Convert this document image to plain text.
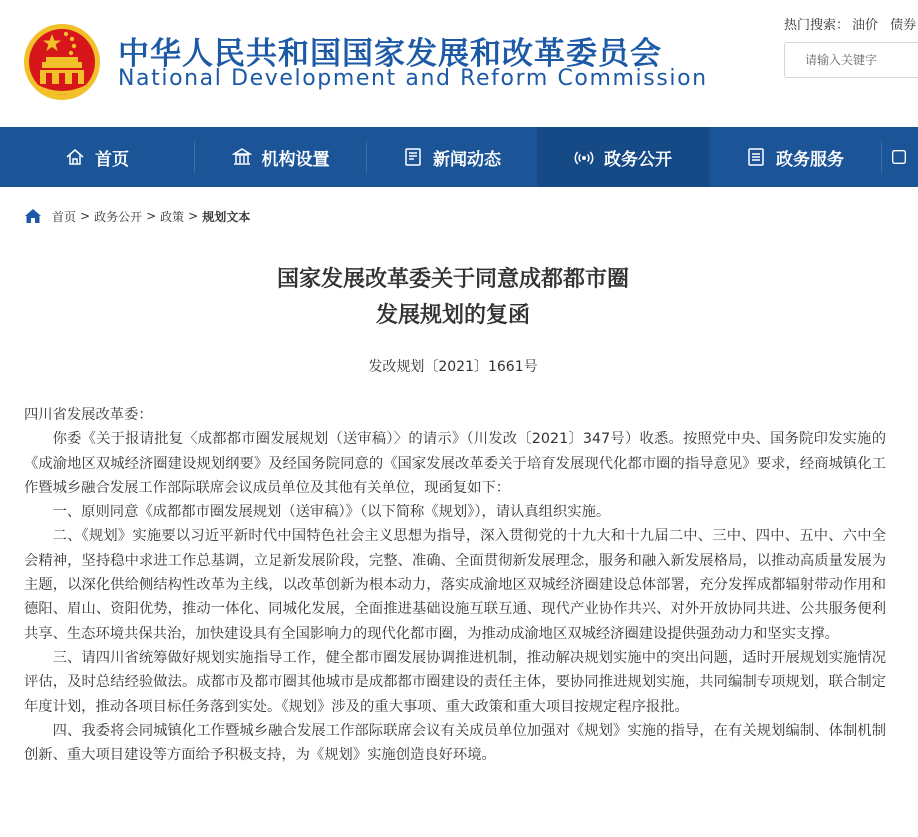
中华人民共和国国家发展和改革委员会
National Development and Reform Commission
热门搜索： 油价 债券
请输入关键字
首页	机构设置	新闻动态	政务公开	政务服务
首页 > 政务公开 > 政策 > 规划文本
国家发展改革委关于同意成都都市圈
发展规划的复函
发改规划〔2021〕1661号

四川省发展改革委：

你委《关于报请批复〈成都都市圈发展规划（送审稿）〉的请示》（川发改〔2021〕347号）收悉。按照党中央、国务院印发实施的《成渝地区双城经济圈建设规划纲要》及经国务院同意的《国家发展改革委关于培育发展现代化都市圈的指导意见》要求，经商城镇化工作暨城乡融合发展工作部际联席会议成员单位及其他有关单位，现函复如下：

一、原则同意《成都都市圈发展规划（送审稿）》（以下简称《规划》），请认真组织实施。

二、《规划》实施要以习近平新时代中国特色社会主义思想为指导，深入贯彻党的十九大和十九届二中、三中、四中、五中、六中全会精神，坚持稳中求进工作总基调，立足新发展阶段，完整、准确、全面贯彻新发展理念，服务和融入新发展格局，以推动高质量发展为主题，以深化供给侧结构性改革为主线，以改革创新为根本动力，落实成渝地区双城经济圈建设总体部署，充分发挥成都辐射带动作用和德阳、眉山、资阳优势，推动一体化、同城化发展，全面推进基础设施互联互通、现代产业协作共兴、对外开放协同共进、公共服务便利共享、生态环境共保共治，加快建设具有全国影响力的现代化都市圈，为推动成渝地区双城经济圈建设提供强劲动力和坚实支撑。

三、请四川省统筹做好规划实施指导工作，健全都市圈发展协调推进机制，推动解决规划实施中的突出问题，适时开展规划实施情况评估，及时总结经验做法。成都市及都市圈其他城市是成都都市圈建设的责任主体，要协同推进规划实施，共同编制专项规划，联合制定年度计划，推动各项目标任务落到实处。《规划》涉及的重大事项、重大政策和重大项目按规定程序报批。

四、我委将会同城镇化工作暨城乡融合发展工作部际联席会议有关成员单位加强对《规划》实施的指导，在有关规划编制、体制机制创新、重大项目建设等方面给予积极支持，为《规划》实施创造良好环境。
